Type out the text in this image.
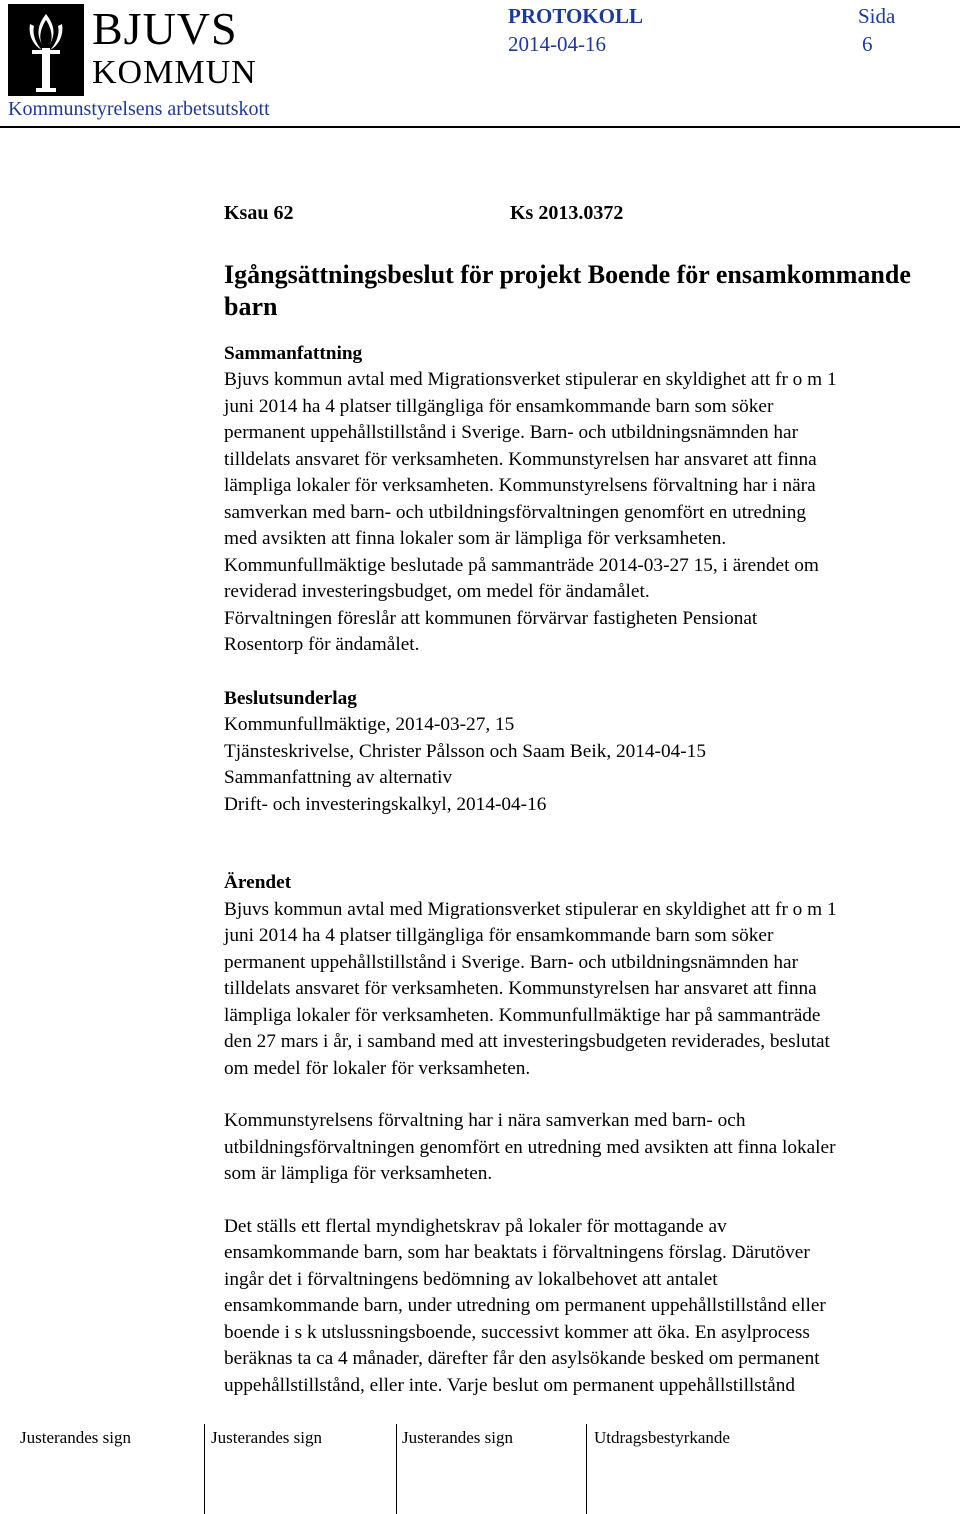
BJUVS
KOMMUN
PROTOKOLL
2014-04-16
Sida
6
Kommunstyrelsens arbetsutskott
Ksau 62	Ks 2013.0372
Igångsättningsbeslut för projekt Boende för ensamkommande barn
Sammanfattning
Bjuvs kommun avtal med Migrationsverket stipulerar en skyldighet att fr o m 1
juni 2014 ha 4 platser tillgängliga för ensamkommande barn som söker
permanent uppehållstillstånd i Sverige. Barn- och utbildningsnämnden har
tilldelats ansvaret för verksamheten. Kommunstyrelsen har ansvaret att finna
lämpliga lokaler för verksamheten. Kommunstyrelsens förvaltning har i nära
samverkan med barn- och utbildningsförvaltningen genomfört en utredning
med avsikten att finna lokaler som är lämpliga för verksamheten.
Kommunfullmäktige beslutade på sammanträde 2014-03-27 15, i ärendet om
reviderad investeringsbudget, om medel för ändamålet.
Förvaltningen föreslår att kommunen förvärvar fastigheten Pensionat
Rosentorp för ändamålet.
Beslutsunderlag
Kommunfullmäktige, 2014-03-27, 15
Tjänsteskrivelse, Christer Pålsson och Saam Beik, 2014-04-15
Sammanfattning av alternativ
Drift- och investeringskalkyl, 2014-04-16
Ärendet
Bjuvs kommun avtal med Migrationsverket stipulerar en skyldighet att fr o m 1
juni 2014 ha 4 platser tillgängliga för ensamkommande barn som söker
permanent uppehållstillstånd i Sverige. Barn- och utbildningsnämnden har
tilldelats ansvaret för verksamheten. Kommunstyrelsen har ansvaret att finna
lämpliga lokaler för verksamheten. Kommunfullmäktige har på sammanträde
den 27 mars i år, i samband med att investeringsbudgeten reviderades, beslutat
om medel för lokaler för verksamheten.
Kommunstyrelsens förvaltning har i nära samverkan med barn- och
utbildningsförvaltningen genomfört en utredning med avsikten att finna lokaler
som är lämpliga för verksamheten.
Det ställs ett flertal myndighetskrav på lokaler för mottagande av
ensamkommande barn, som har beaktats i förvaltningens förslag. Därutöver
ingår det i förvaltningens bedömning av lokalbehovet att antalet
ensamkommande barn, under utredning om permanent uppehållstillstånd eller
boende i s k utslussningsboende, successivt kommer att öka. En asylprocess
beräknas ta ca 4 månader, därefter får den asylsökande besked om permanent
uppehållstillstånd, eller inte. Varje beslut om permanent uppehållstillstånd
Justerandes sign	Justerandes sign	Justerandes sign	Utdragsbestyrkande
